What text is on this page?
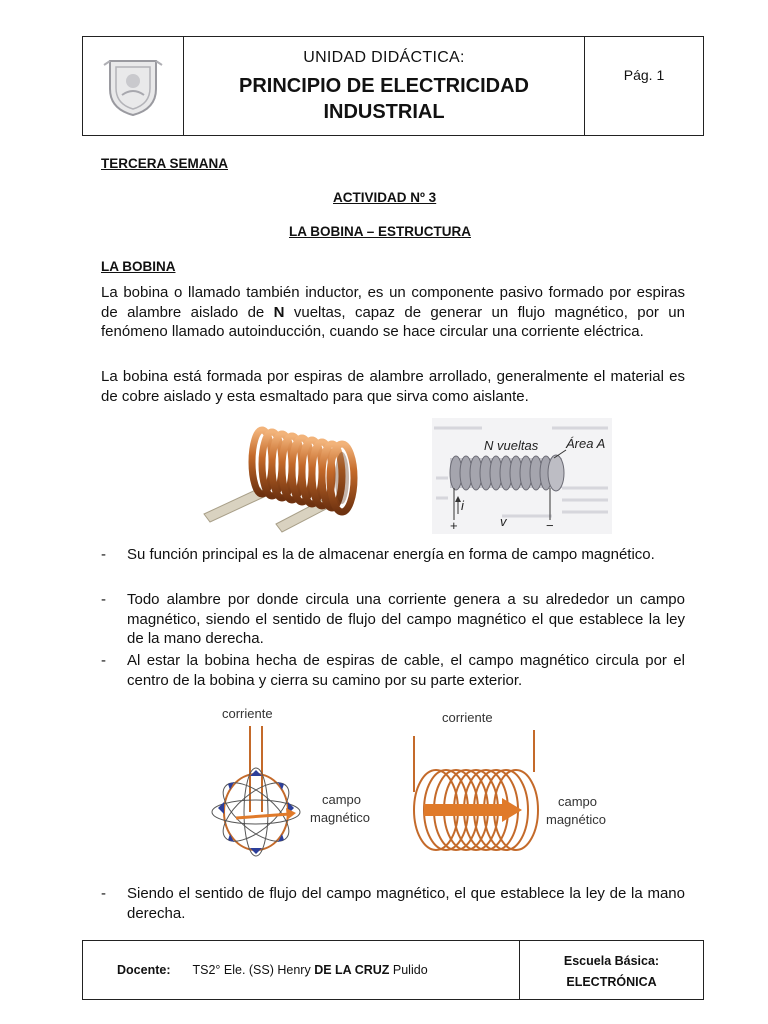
UNIDAD DIDÁCTICA:
PRINCIPIO DE ELECTRICIDAD
INDUSTRIAL
Pág. 1
TERCERA SEMANA
ACTIVIDAD Nº 3
LA BOBINA – ESTRUCTURA
LA BOBINA
La bobina o llamado también inductor, es un componente pasivo formado por espiras de alambre aislado de N vueltas, capaz de generar un flujo magnético, por un fenómeno llamado autoinducción, cuando se hace circular una corriente eléctrica.
La bobina está formada por espiras de alambre arrollado, generalmente el material es de cobre aislado y esta esmaltado para que sirva como aislante.
N vueltas Área A
i
+	v	−
-	Su función principal es la de almacenar energía en forma de campo magnético.
-	Todo alambre por donde circula una corriente genera a su alrededor un campo magnético, siendo el sentido de flujo del campo magnético el que establece la ley de la mano derecha.
-	Al estar la bobina hecha de espiras de cable, el campo magnético circula por el centro de la bobina y cierra su camino por su parte exterior.
corriente
campo
magnético
corriente
campo
magnético
-	Siendo el sentido de flujo del campo magnético, el que establece la ley de la mano derecha.
Docente: TS2° Ele. (SS) Henry DE LA CRUZ Pulido
Escuela Básica:
ELECTRÓNICA
